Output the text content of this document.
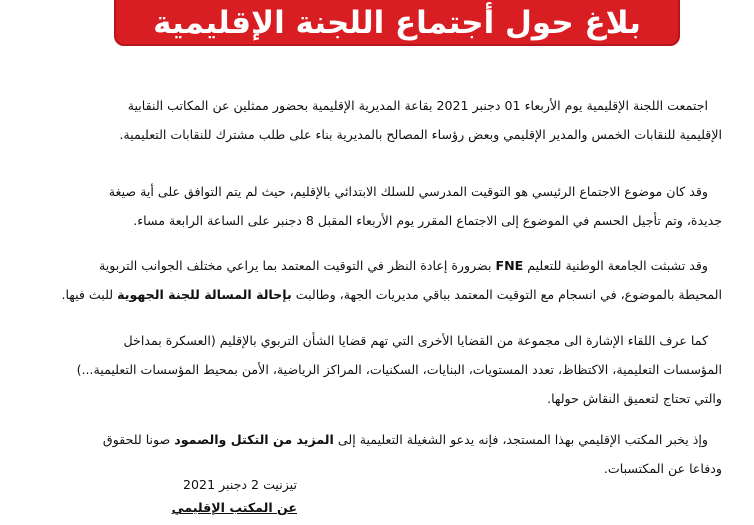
بلاغ حول أجتماع اللجنة الإقليمية
اجتمعت اللجنة الإقليمية يوم الأربعاء 01 دجنبر 2021 بقاعة المديرية الإقليمية بحضور ممثلين عن المكاتب النقابية
الإقليمية للنقابات الخمس والمدير الإقليمي وبعض رؤساء المصالح بالمديرية بناء على طلب مشترك للنقابات التعليمية.
وقد كان موضوع الاجتماع الرئيسي هو التوقيت المدرسي للسلك الابتدائي بالإقليم، حيث لم يتم التوافق على أية صيغة
جديدة، وتم تأجيل الحسم في الموضوع إلى الاجتماع المقرر يوم الأربعاء المقبل 8 دجنبر على الساعة الرابعة مساء.
وقد تشبثت الجامعة الوطنية للتعليم FNE بضرورة إعادة النظر في التوقيت المعتمد بما يراعي مختلف الجوانب التربوية
المحيطة بالموضوع، في انسجام مع التوقيت المعتمد بباقي مديريات الجهة، وطالبت بإحالة المسالة للجنة الجهوية للبث فيها.
كما عرف اللقاء الإشارة الى مجموعة من القضايا الأخرى التي تهم قضايا الشأن التربوي بالإقليم (العسكرة بمداخل
المؤسسات التعليمية، الاكتظاظ، تعدد المستويات، البنايات، السكنيات، المراكز الرياضية، الأمن بمحيط المؤسسات التعليمية...)
والتي تحتاج لتعميق النقاش حولها.
وإذ يخبر المكتب الإقليمي بهذا المستجد، فإنه يدعو الشغيلة التعليمية إلى المزيد من التكتل والصمود صونا للحقوق
ودفاعا عن المكتسبات.
تيزنيت 2 دجنبر 2021
عن المكتب الإقليمي
